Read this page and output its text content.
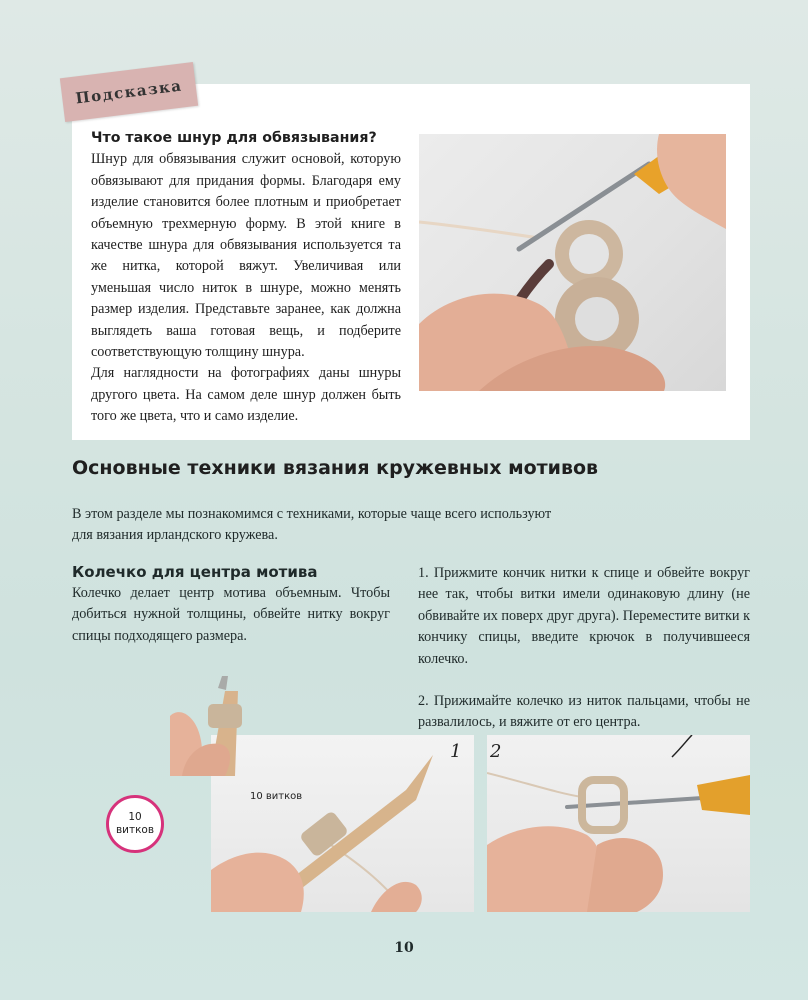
Подсказка
Что такое шнур для обвязывания?

Шнур для обвязывания служит основой, которую обвязывают для придания формы. Благодаря ему изделие становится более плотным и приобретает объемную трехмерную форму. В этой книге в качестве шнура для обвязывания используется та же нитка, которой вяжут. Увеличивая или уменьшая число ниток в шнуре, можно менять размер изделия. Представьте заранее, как должна выглядеть ваша готовая вещь, и подберите соответствующую толщину шнура.

Для наглядности на фотографиях даны шнуры другого цвета. На самом деле шнур должен быть того же цвета, что и само изделие.

Основные техники вязания кружевных мотивов

В этом разделе мы познакомимся с техниками, которые чаще всего используют для вязания ирландского кружева.

Колечко для центра мотива

Колечко делает центр мотива объемным. Чтобы добиться нужной толщины, обвейте нитку вокруг спицы подходящего размера.

1. Прижмите кончик нитки к спице и обвейте вокруг нее так, чтобы витки имели одинаковую длину (не обвивайте их поверх друг друга). Переместите витки к кончику спицы, введите крючок в получившееся колечко.

2. Прижимайте колечко из ниток пальцами, чтобы не развалилось, и вяжите от его центра.

10 витков
1 2
10
витков
10
